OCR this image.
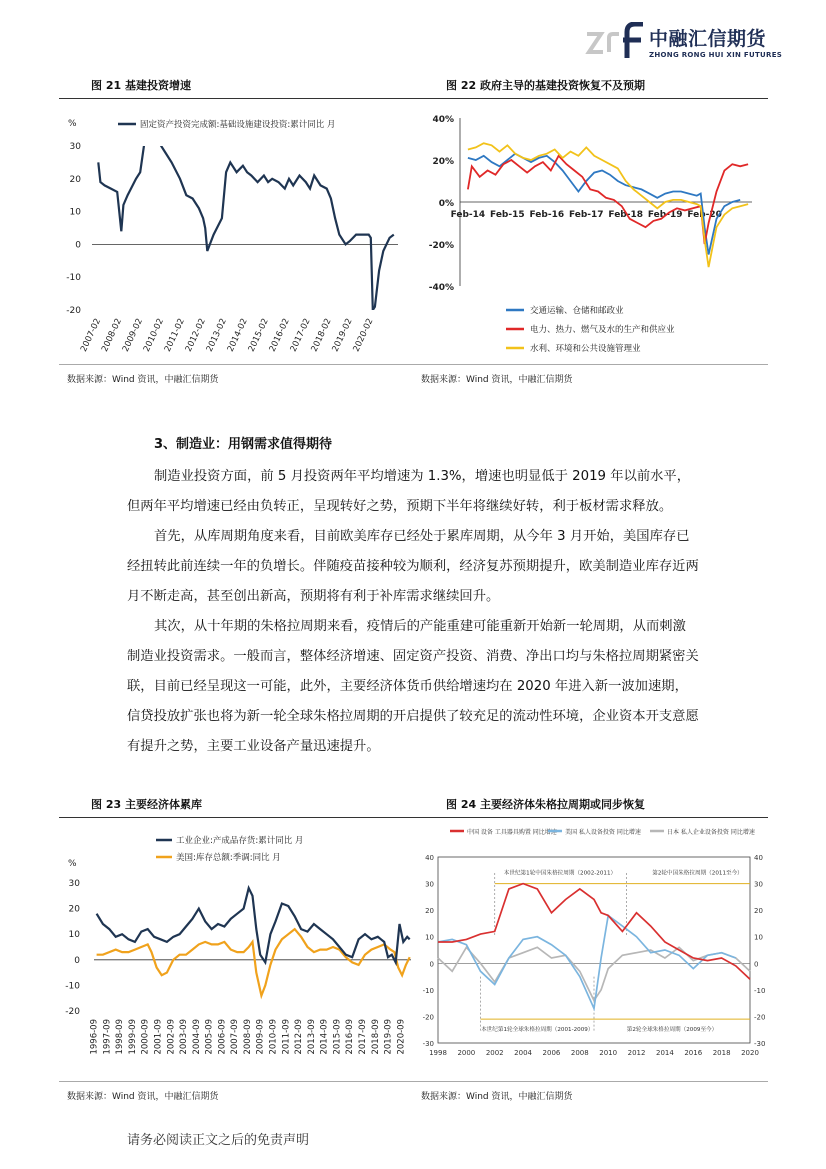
中融汇信期货
ZHONG RONG HUI XIN FUTURES
图 21 基建投资增速	图 22 政府主导的基建投资恢复不及预期
%
30
20
10
0
-10
-20
2007-02
2008-02
2009-02
2010-02
2011-02
2012-02
2013-02
2014-02
2015-02
2016-02
2017-02
2018-02
2019-02
2020-02
固定资产投资完成额:基础设施建设投资:累计同比 月	40%
20%
0%
-20%
-40%
Feb-14 Feb-15 Feb-16 Feb-17 Feb-18 Feb-19 Feb-20
交通运输、仓储和邮政业
电力、热力、燃气及水的生产和供应业
水利、环境和公共设施管理业
数据来源：Wind 资讯，中融汇信期货	数据来源：Wind 资讯，中融汇信期货
3、制造业：用钢需求值得期待

制造业投资方面，前 5 月投资两年平均增速为 1.3%，增速也明显低于 2019 年以前水平，但两年平均增速已经由负转正，呈现转好之势，预期下半年将继续好转，利于板材需求释放。

首先，从库周期角度来看，目前欧美库存已经处于累库周期，从今年 3 月开始，美国库存已经扭转此前连续一年的负增长。伴随疫苗接种较为顺利，经济复苏预期提升，欧美制造业库存近两月不断走高，甚至创出新高，预期将有利于补库需求继续回升。

其次，从十年期的朱格拉周期来看，疫情后的产能重建可能重新开始新一轮周期，从而刺激制造业投资需求。一般而言，整体经济增速、固定资产投资、消费、净出口均与朱格拉周期紧密关联，目前已经呈现这一可能，此外，主要经济体货币供给增速均在 2020 年进入新一波加速期，信贷投放扩张也将为新一轮全球朱格拉周期的开启提供了较充足的流动性环境，企业资本开支意愿有提升之势，主要工业设备产量迅速提升。

图 23 主要经济体累库	图 24 主要经济体朱格拉周期或同步恢复
%
30
20
10
0
-10
-20
1996-09 1997-09 1998-09 1999-09 2000-09 2001-09 2002-09 2003-09 2004-09 2005-09 2006-09 2007-09 2008-09 2009-09 2010-09 2011-09 2012-09 2013-09 2014-09 2015-09 2016-09 2017-09 2018-09 2019-09 2020-09
工业企业:产成品存货:累计同比 月
美国:库存总额:季调:同比 月	40	40
30	30
20	20
10	10
0	0
-10	-10
-20	-20
-30	-30
1998 2000 2002 2004 2006 2008 2010 2012 2014 2016 2018 2020
中国 设备 工具器具购置 同比增速 美国 私人设备投资 同比增速	日本 私人企业设备投资 同比增速
本世纪第1轮中国朱格拉周期（2002-2011）	第2轮中国朱格拉周期（2011至今）
本世纪第1轮全球朱格拉周期（2001-2009）	第2轮全球朱格拉周期（2009至今）
数据来源：Wind 资讯，中融汇信期货	数据来源：Wind 资讯，中融汇信期货
请务必阅读正文之后的免责声明
